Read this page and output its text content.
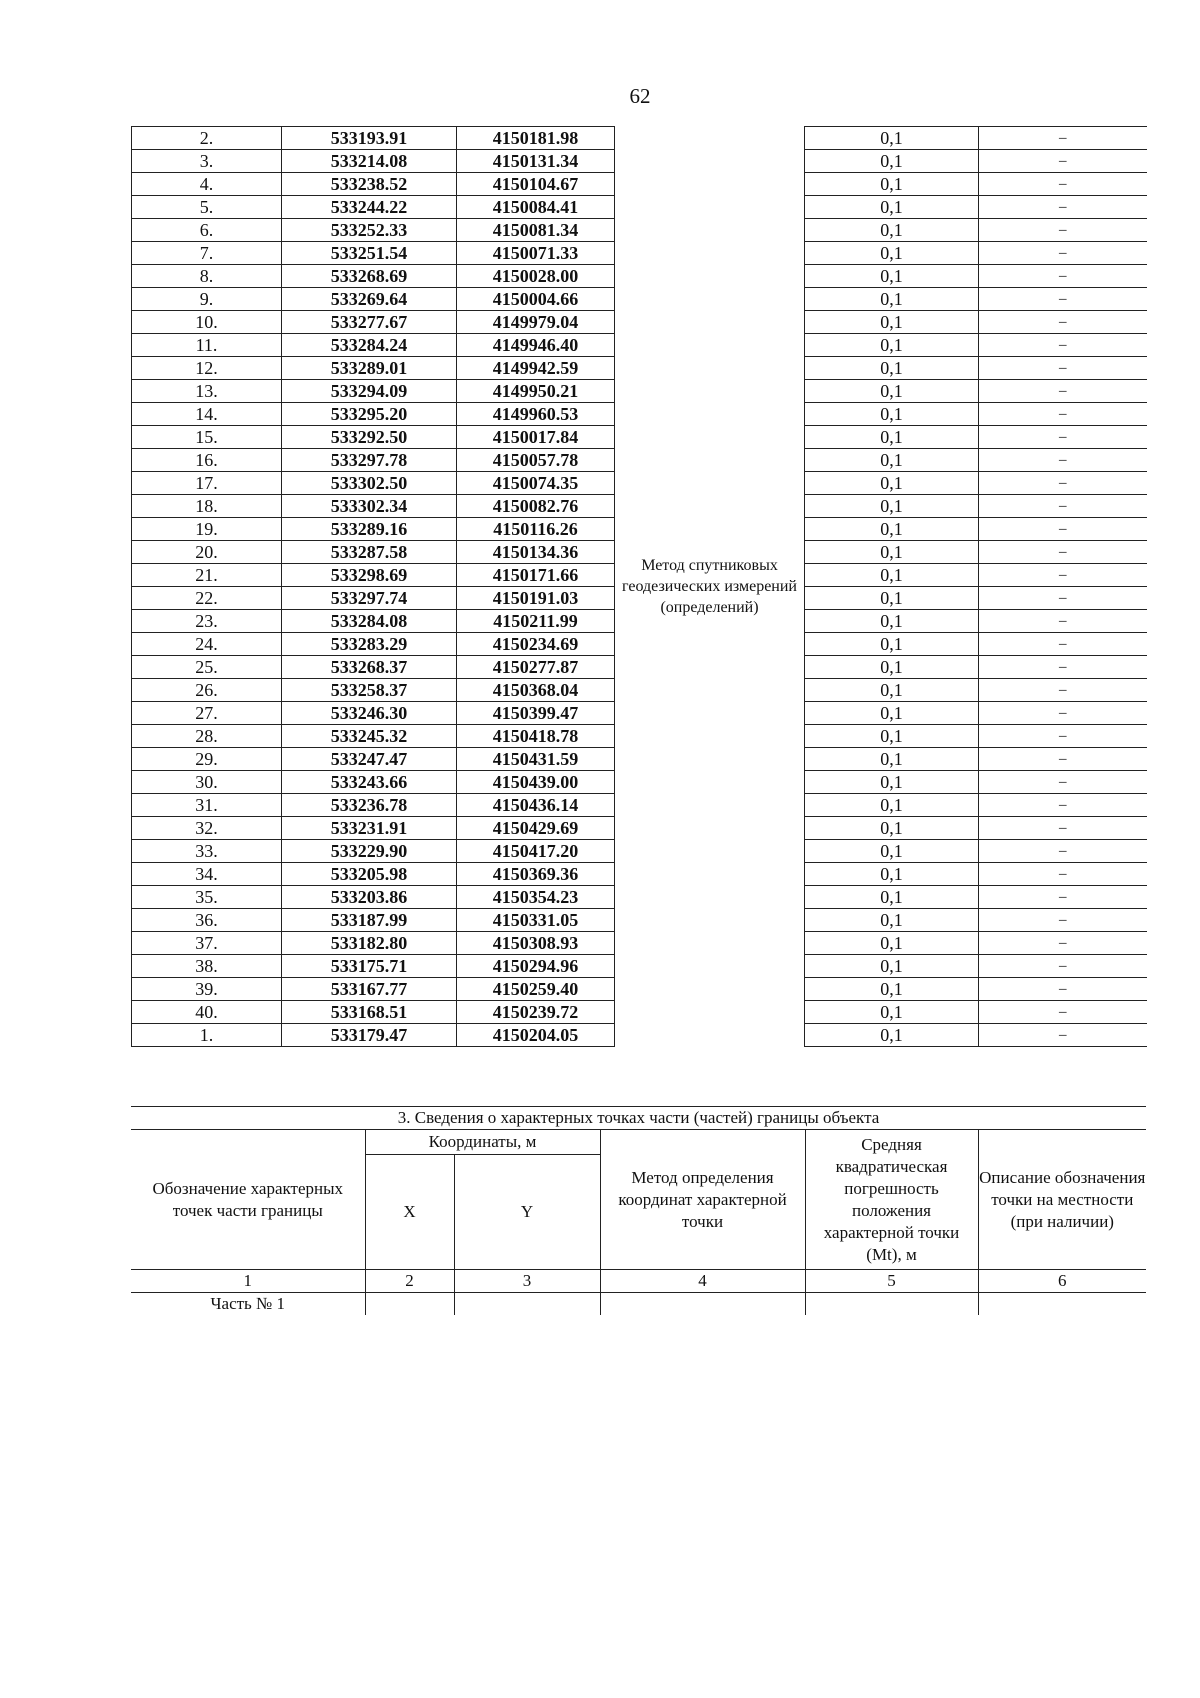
62
2.	533193.91	4150181.98	Метод спутниковых геодезических измерений (определений)	0,1	–
3.	533214.08	4150131.34		0,1	–
4.	533238.52	4150104.67		0,1	–
5.	533244.22	4150084.41		0,1	–
6.	533252.33	4150081.34		0,1	–
7.	533251.54	4150071.33		0,1	–
8.	533268.69	4150028.00		0,1	–
9.	533269.64	4150004.66		0,1	–
10.	533277.67	4149979.04		0,1	–
11.	533284.24	4149946.40		0,1	–
12.	533289.01	4149942.59		0,1	–
13.	533294.09	4149950.21		0,1	–
14.	533295.20	4149960.53		0,1	–
15.	533292.50	4150017.84		0,1	–
16.	533297.78	4150057.78		0,1	–
17.	533302.50	4150074.35		0,1	–
18.	533302.34	4150082.76		0,1	–
19.	533289.16	4150116.26		0,1	–
20.	533287.58	4150134.36		0,1	–
21.	533298.69	4150171.66		0,1	–
22.	533297.74	4150191.03		0,1	–
23.	533284.08	4150211.99		0,1	–
24.	533283.29	4150234.69		0,1	–
25.	533268.37	4150277.87		0,1	–
26.	533258.37	4150368.04		0,1	–
27.	533246.30	4150399.47		0,1	–
28.	533245.32	4150418.78		0,1	–
29.	533247.47	4150431.59		0,1	–
30.	533243.66	4150439.00		0,1	–
31.	533236.78	4150436.14		0,1	–
32.	533231.91	4150429.69		0,1	–
33.	533229.90	4150417.20		0,1	–
34.	533205.98	4150369.36		0,1	–
35.	533203.86	4150354.23		0,1	–
36.	533187.99	4150331.05		0,1	–
37.	533182.80	4150308.93		0,1	–
38.	533175.71	4150294.96		0,1	–
39.	533167.77	4150259.40		0,1	–
40.	533168.51	4150239.72		0,1	–
1.	533179.47	4150204.05		0,1	–
3. Сведения о характерных точках части (частей) границы объекта					
Обозначение характерных точек части границы	Координаты, м		Метод определения координат характерной точки	Средняя квадратическая погрешность положения характерной точки (Mt), м	Описание обозначения точки на местности (при наличии)
	X	Y			
1	2	3	4	5	6
Часть № 1					
